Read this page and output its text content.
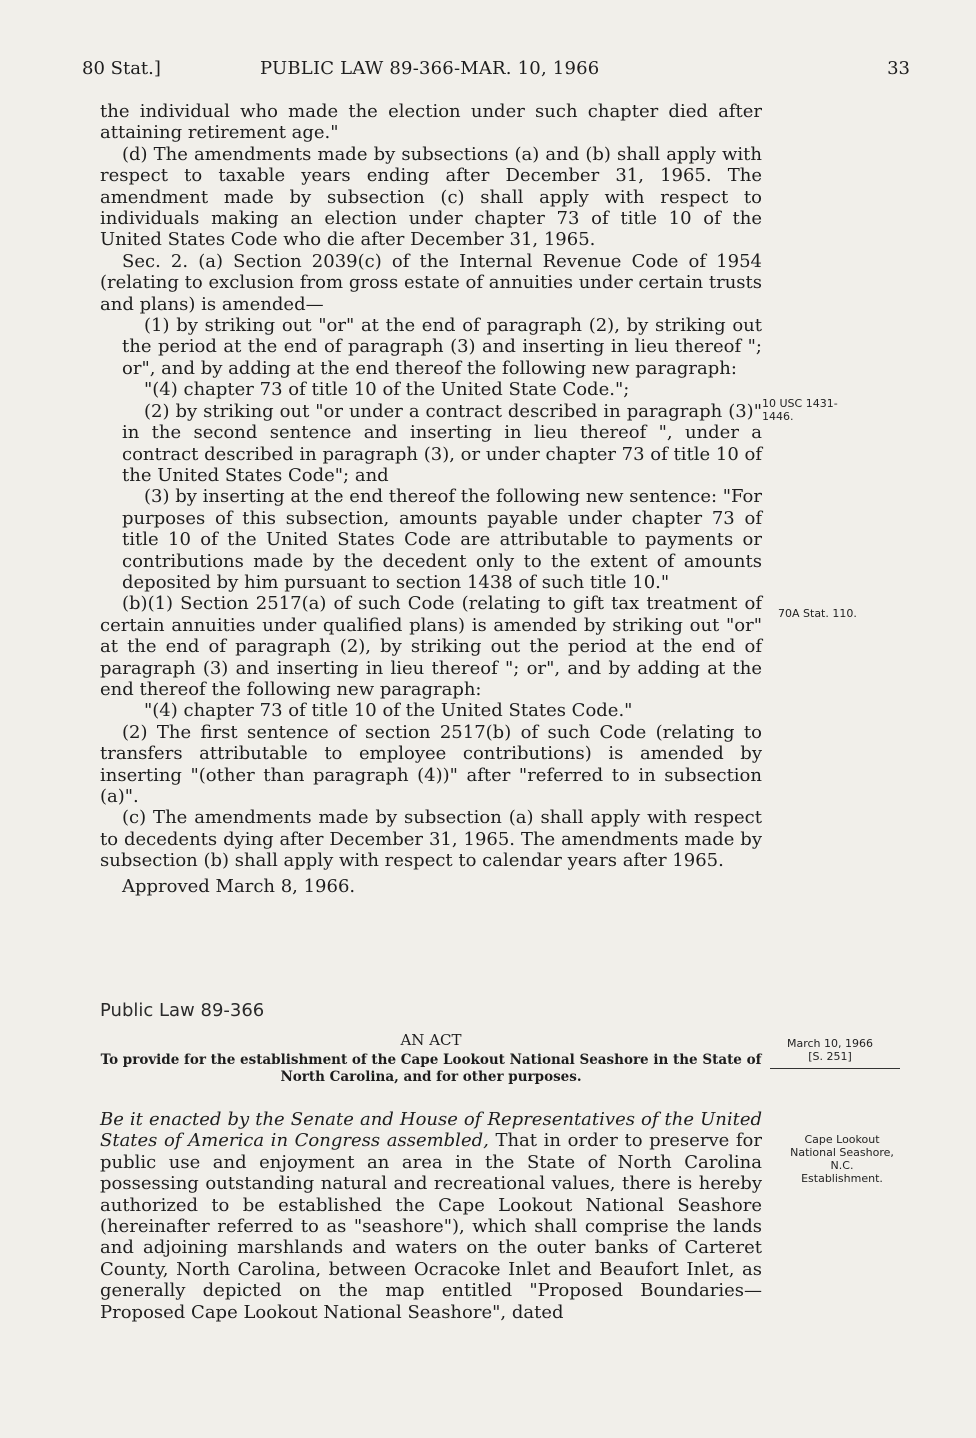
80 Stat.]	PUBLIC LAW 89-366-MAR. 10, 1966	33

the individual who made the election under such chapter died after attaining retirement age."

(d) The amendments made by subsections (a) and (b) shall apply with respect to taxable years ending after December 31, 1965. The amendment made by subsection (c) shall apply with respect to individuals making an election under chapter 73 of title 10 of the United States Code who die after December 31, 1965.

Sec. 2. (a) Section 2039(c) of the Internal Revenue Code of 1954 (relating to exclusion from gross estate of annuities under certain trusts and plans) is amended—

(1) by striking out "or" at the end of paragraph (2), by striking out the period at the end of paragraph (3) and inserting in lieu thereof "; or", and by adding at the end thereof the following new paragraph:

"(4) chapter 73 of title 10 of the United State Code.";

(2) by striking out "or under a contract described in paragraph (3)" in the second sentence and inserting in lieu thereof ", under a contract described in paragraph (3), or under chapter 73 of title 10 of the United States Code"; and

(3) by inserting at the end thereof the following new sentence: "For purposes of this subsection, amounts payable under chapter 73 of title 10 of the United States Code are attributable to payments or contributions made by the decedent only to the extent of amounts deposited by him pursuant to section 1438 of such title 10."

(b)(1) Section 2517(a) of such Code (relating to gift tax treatment of certain annuities under qualified plans) is amended by striking out "or" at the end of paragraph (2), by striking out the period at the end of paragraph (3) and inserting in lieu thereof "; or", and by adding at the end thereof the following new paragraph:

"(4) chapter 73 of title 10 of the United States Code."

(2) The first sentence of section 2517(b) of such Code (relating to transfers attributable to employee contributions) is amended by inserting "(other than paragraph (4))" after "referred to in subsection (a)".

(c) The amendments made by subsection (a) shall apply with respect to decedents dying after December 31, 1965. The amendments made by subsection (b) shall apply with respect to calendar years after 1965.

Approved March 8, 1966.

Public Law 89-366
AN ACT
To provide for the establishment of the Cape Lookout National Seashore in the State of North Carolina, and for other purposes.
Be it enacted by the Senate and House of Representatives of the United States of America in Congress assembled, That in order to preserve for public use and enjoyment an area in the State of North Carolina possessing outstanding natural and recreational values, there is hereby authorized to be established the Cape Lookout National Seashore (hereinafter referred to as "seashore"), which shall comprise the lands and adjoining marshlands and waters on the outer banks of Carteret County, North Carolina, between Ocracoke Inlet and Beaufort Inlet, as generally depicted on the map entitled "Proposed Boundaries—Proposed Cape Lookout National Seashore", dated
10 USC 1431-
1446.
70A Stat. 110.
March 10, 1966
[S. 251]
Cape Lookout
National Seashore,
N.C.
Establishment.
